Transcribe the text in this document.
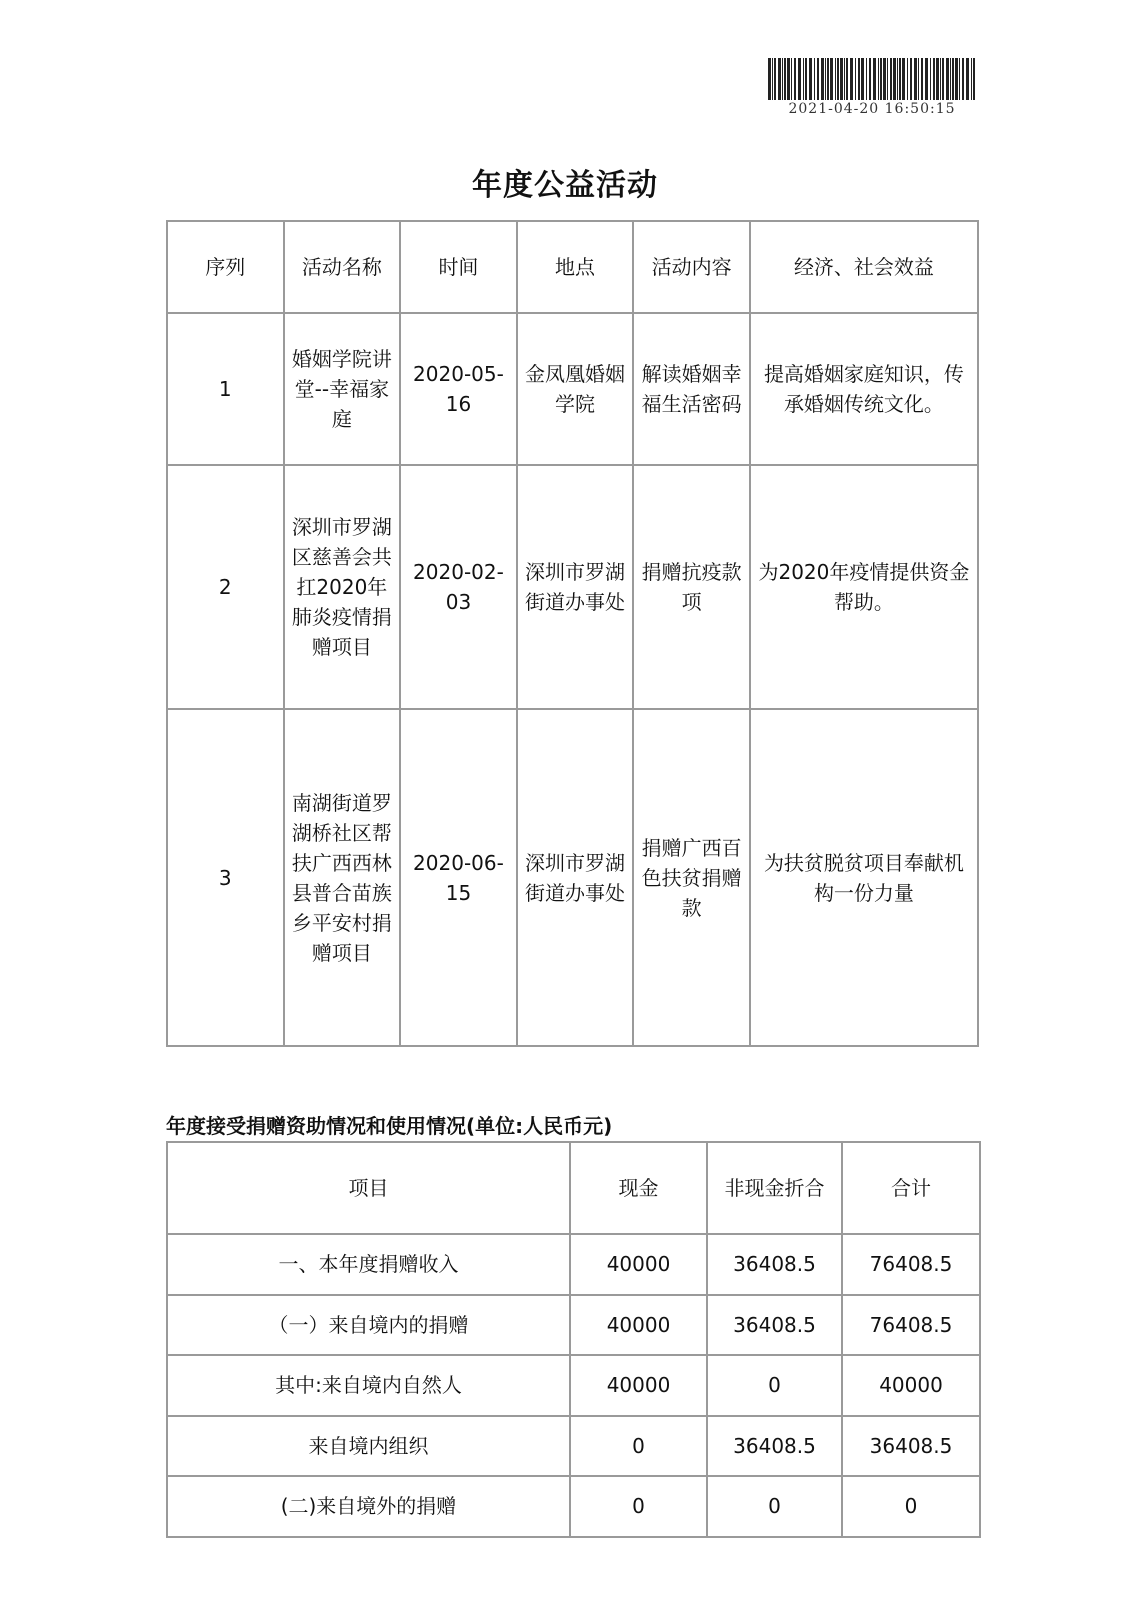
2021-04-20 16:50:15
年度公益活动
序列	活动名称	时间	地点	活动内容	经济、社会效益
1	婚姻学院讲堂--幸福家庭	2020-05-16	金凤凰婚姻学院	解读婚姻幸福生活密码	提高婚姻家庭知识，传承婚姻传统文化。
2	深圳市罗湖区慈善会共扛2020年肺炎疫情捐赠项目	2020-02-03	深圳市罗湖街道办事处	捐赠抗疫款项	为2020年疫情提供资金帮助。
3	南湖街道罗湖桥社区帮扶广西西林县普合苗族乡平安村捐赠项目	2020-06-15	深圳市罗湖街道办事处	捐赠广西百色扶贫捐赠款	为扶贫脱贫项目奉献机构一份力量
年度接受捐赠资助情况和使用情况(单位:人民币元)
项目	现金	非现金折合	合计
一、本年度捐赠收入	40000	36408.5	76408.5
（一）来自境内的捐赠	40000	36408.5	76408.5
其中:来自境内自然人	40000	0	40000
来自境内组织	0	36408.5	36408.5
(二)来自境外的捐赠	0	0	0
